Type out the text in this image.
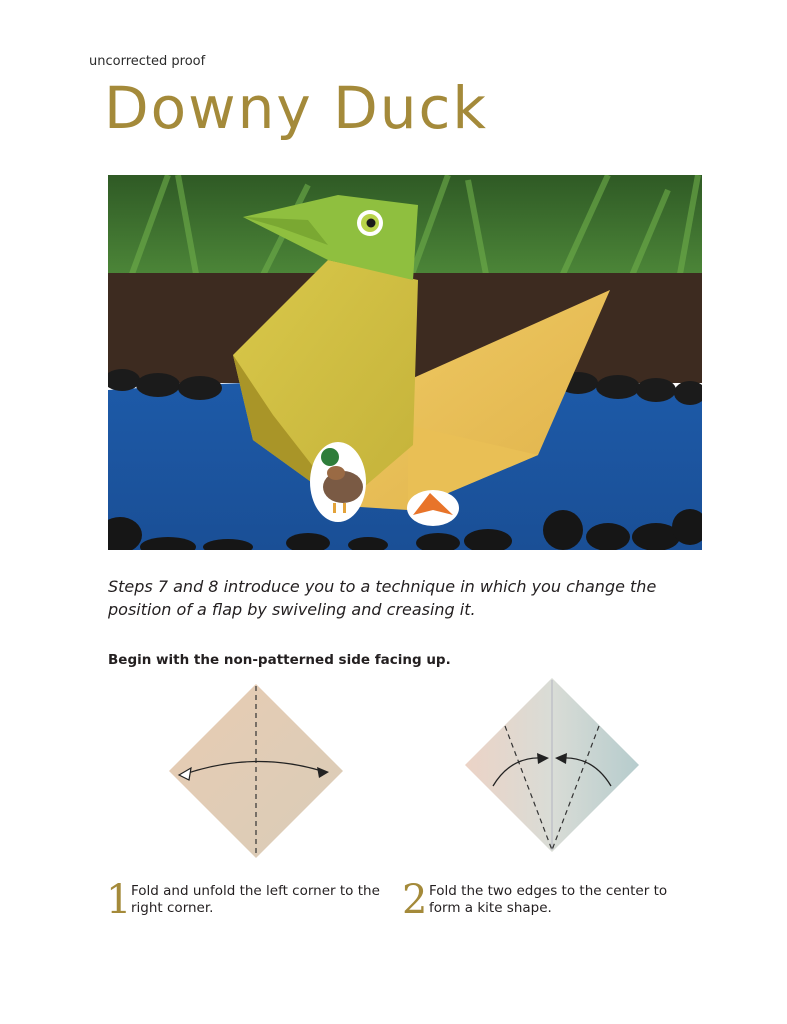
uncorrected proof
Downy Duck
Steps 7 and 8 introduce you to a technique in which you change the position of a flap by swiveling and creasing it.
Begin with the non-patterned side facing up.
1 Fold and unfold the left corner to the right corner.	2 Fold the two edges to the center to form a kite shape.
